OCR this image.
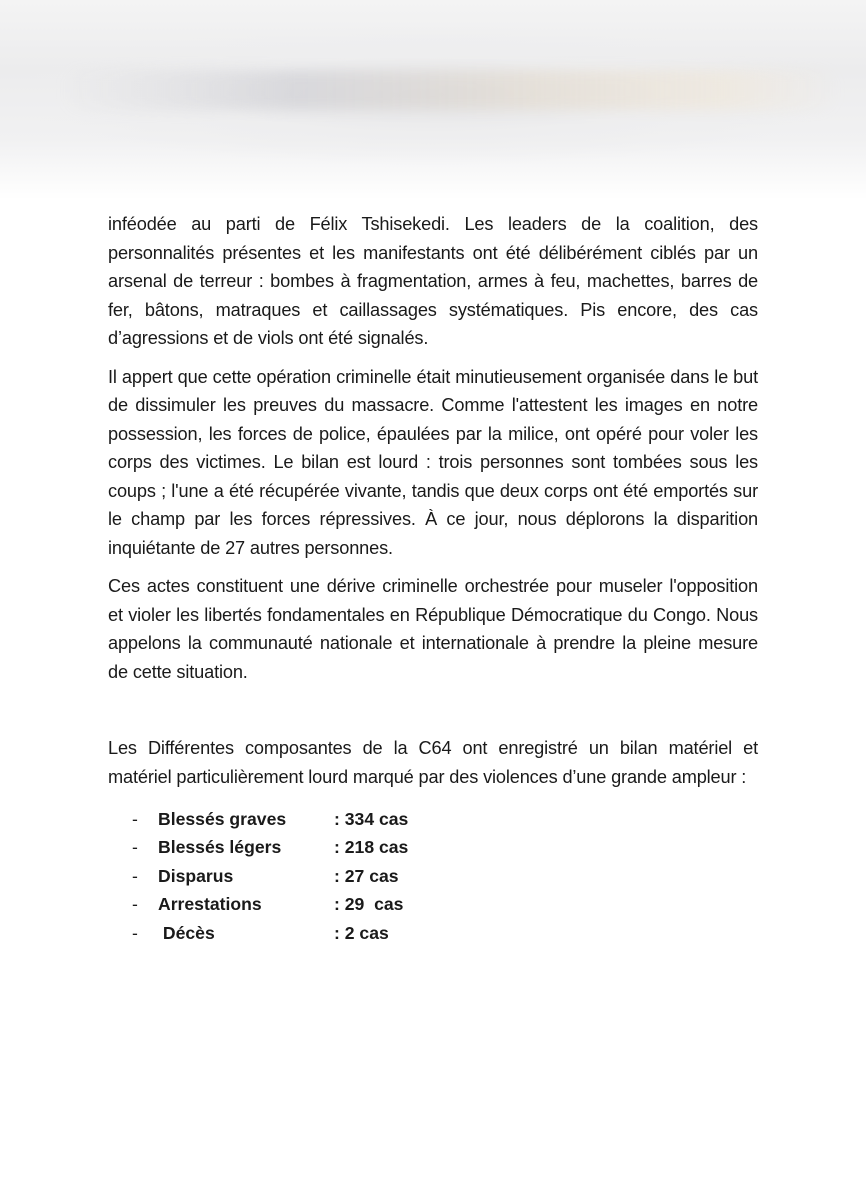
inféodée au parti de Félix Tshisekedi. Les leaders de la coalition, des personnalités présentes et les manifestants ont été délibérément ciblés par un arsenal de terreur : bombes à fragmentation, armes à feu, machettes, barres de fer, bâtons, matraques et caillassages systématiques. Pis encore, des cas d’agressions et de viols ont été signalés.

Il appert que cette opération criminelle était minutieusement organisée dans le but de dissimuler les preuves du massacre. Comme l'attestent les images en notre possession, les forces de police, épaulées par la milice, ont opéré pour voler les corps des victimes. Le bilan est lourd : trois personnes sont tombées sous les coups ; l'une a été récupérée vivante, tandis que deux corps ont été emportés sur le champ par les forces répressives. À ce jour, nous déplorons la disparition inquiétante de 27 autres personnes.

Ces actes constituent une dérive criminelle orchestrée pour museler l'opposition et violer les libertés fondamentales en République Démocratique du Congo. Nous appelons la communauté nationale et internationale à prendre la pleine mesure de cette situation.

Les Différentes composantes de la C64 ont enregistré un bilan matériel et matériel particulièrement lourd marqué par des violences d’une grande ampleur :

-	Blessés graves	: 334 cas
-	Blessés légers	: 218 cas
-	Disparus	: 27 cas
-	Arrestations	: 29  cas
-	Décès	: 2 cas
